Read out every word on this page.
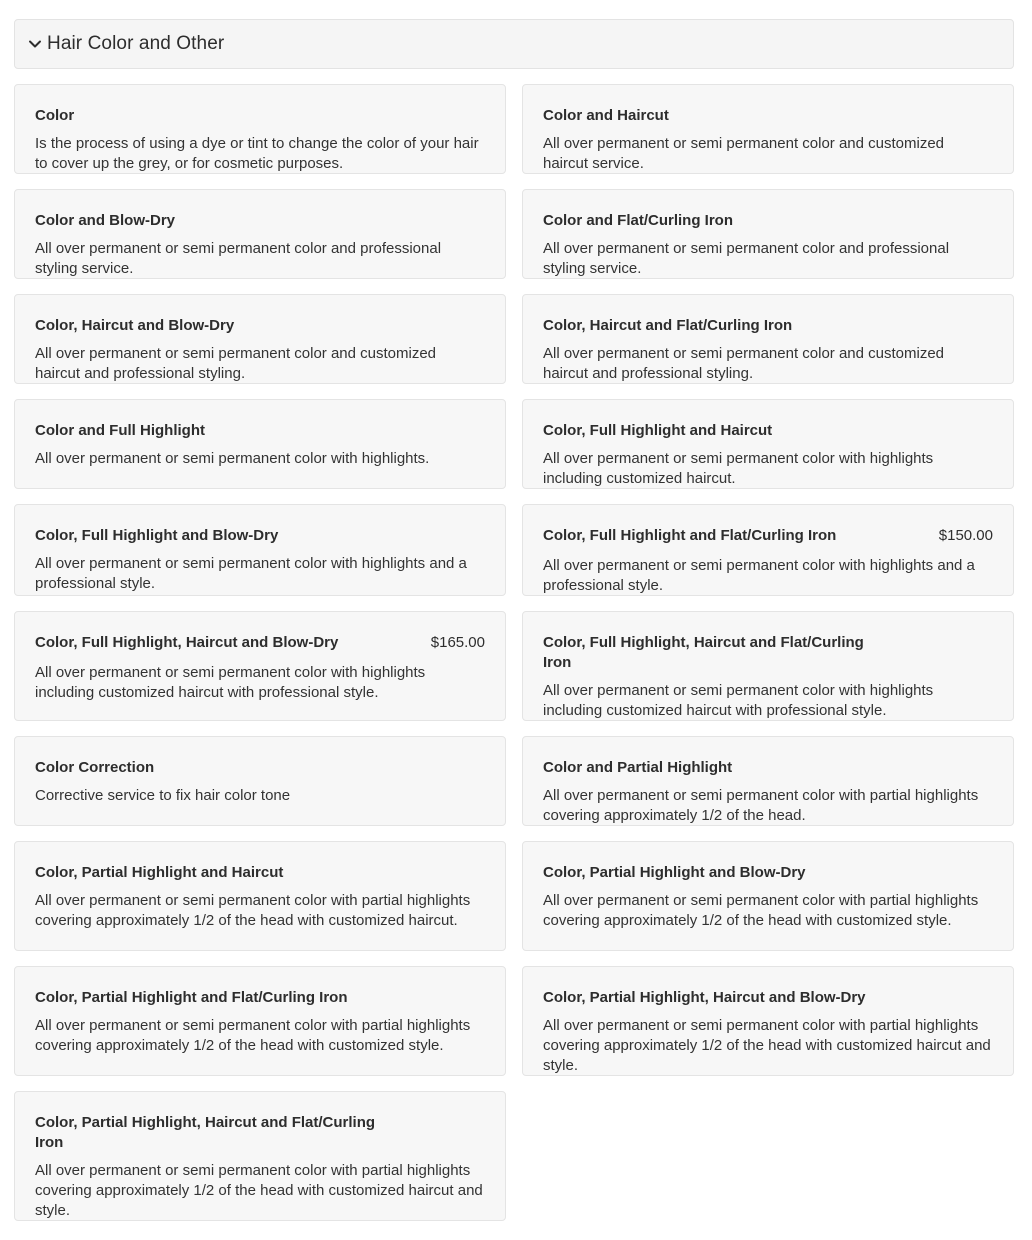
Hair Color and Other
Color
Is the process of using a dye or tint to change the color of your hair to cover up the grey, or for cosmetic purposes.
Color and Haircut
All over permanent or semi permanent color and customized haircut service.
Color and Blow-Dry
All over permanent or semi permanent color and professional styling service.
Color and Flat/Curling Iron
All over permanent or semi permanent color and professional styling service.
Color, Haircut and Blow-Dry
All over permanent or semi permanent color and customized haircut and professional styling.
Color, Haircut and Flat/Curling Iron
All over permanent or semi permanent color and customized haircut and professional styling.
Color and Full Highlight
All over permanent or semi permanent color with highlights.
Color, Full Highlight and Haircut
All over permanent or semi permanent color with highlights including customized haircut.
Color, Full Highlight and Blow-Dry
All over permanent or semi permanent color with highlights and a professional style.
Color, Full Highlight and Flat/Curling Iron	$150.00
All over permanent or semi permanent color with highlights and a professional style.
Color, Full Highlight, Haircut and Blow-Dry	$165.00
All over permanent or semi permanent color with highlights including customized haircut with professional style.
Color, Full Highlight, Haircut and Flat/Curling Iron
All over permanent or semi permanent color with highlights including customized haircut with professional style.
Color Correction
Corrective service to fix hair color tone
Color and Partial Highlight
All over permanent or semi permanent color with partial highlights covering approximately 1/2 of the head.
Color, Partial Highlight and Haircut
All over permanent or semi permanent color with partial highlights covering approximately 1/2 of the head with customized haircut.
Color, Partial Highlight and Blow-Dry
All over permanent or semi permanent color with partial highlights covering approximately 1/2 of the head with customized style.
Color, Partial Highlight and Flat/Curling Iron
All over permanent or semi permanent color with partial highlights covering approximately 1/2 of the head with customized style.
Color, Partial Highlight, Haircut and Blow-Dry
All over permanent or semi permanent color with partial highlights covering approximately 1/2 of the head with customized haircut and style.
Color, Partial Highlight, Haircut and Flat/Curling Iron
All over permanent or semi permanent color with partial highlights covering approximately 1/2 of the head with customized haircut and style.
